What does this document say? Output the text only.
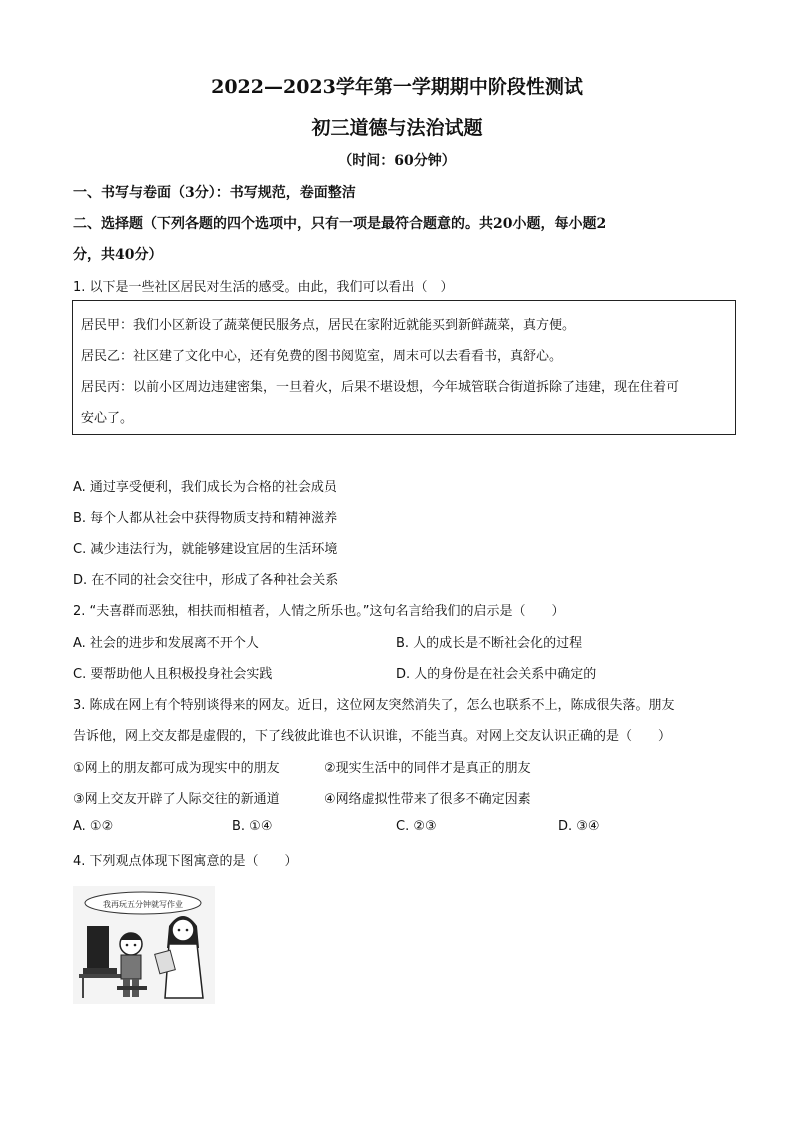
2022—2023学年第一学期期中阶段性测试
初三道德与法治试题
（时间：60分钟）
一、书写与卷面（3分）：书写规范，卷面整洁
二、选择题（下列各题的四个选项中，只有一项是最符合题意的。共20小题，每小题2
分，共40分）
1. 以下是一些社区居民对生活的感受。由此，我们可以看出（　）
居民甲：我们小区新设了蔬菜便民服务点，居民在家附近就能买到新鲜蔬菜，真方便。
居民乙：社区建了文化中心，还有免费的图书阅览室，周末可以去看看书，真舒心。
居民丙：以前小区周边违建密集，一旦着火，后果不堪设想，今年城管联合街道拆除了违建，现在住着可
安心了。
A. 通过享受便利，我们成长为合格的社会成员
B. 每个人都从社会中获得物质支持和精神滋养
C. 减少违法行为，就能够建设宜居的生活环境
D. 在不同的社会交往中，形成了各种社会关系
2. “夫喜群而恶独，相扶而相植者，人情之所乐也。”这句名言给我们的启示是（　　）
A. 社会的进步和发展离不开个人	B. 人的成长是不断社会化的过程
C. 要帮助他人且积极投身社会实践	D. 人的身份是在社会关系中确定的
3. 陈成在网上有个特别谈得来的网友。近日，这位网友突然消失了，怎么也联系不上，陈成很失落。朋友
告诉他，网上交友都是虚假的，下了线彼此谁也不认识谁，不能当真。对网上交友认识正确的是（　　）
①网上的朋友都可成为现实中的朋友	②现实生活中的同伴才是真正的朋友
③网上交友开辟了人际交往的新通道	④网络虚拟性带来了很多不确定因素
A. ①②	B. ①④	C. ②③	D. ③④
4. 下列观点体现下图寓意的是（　　）
我再玩五分钟就写作业
